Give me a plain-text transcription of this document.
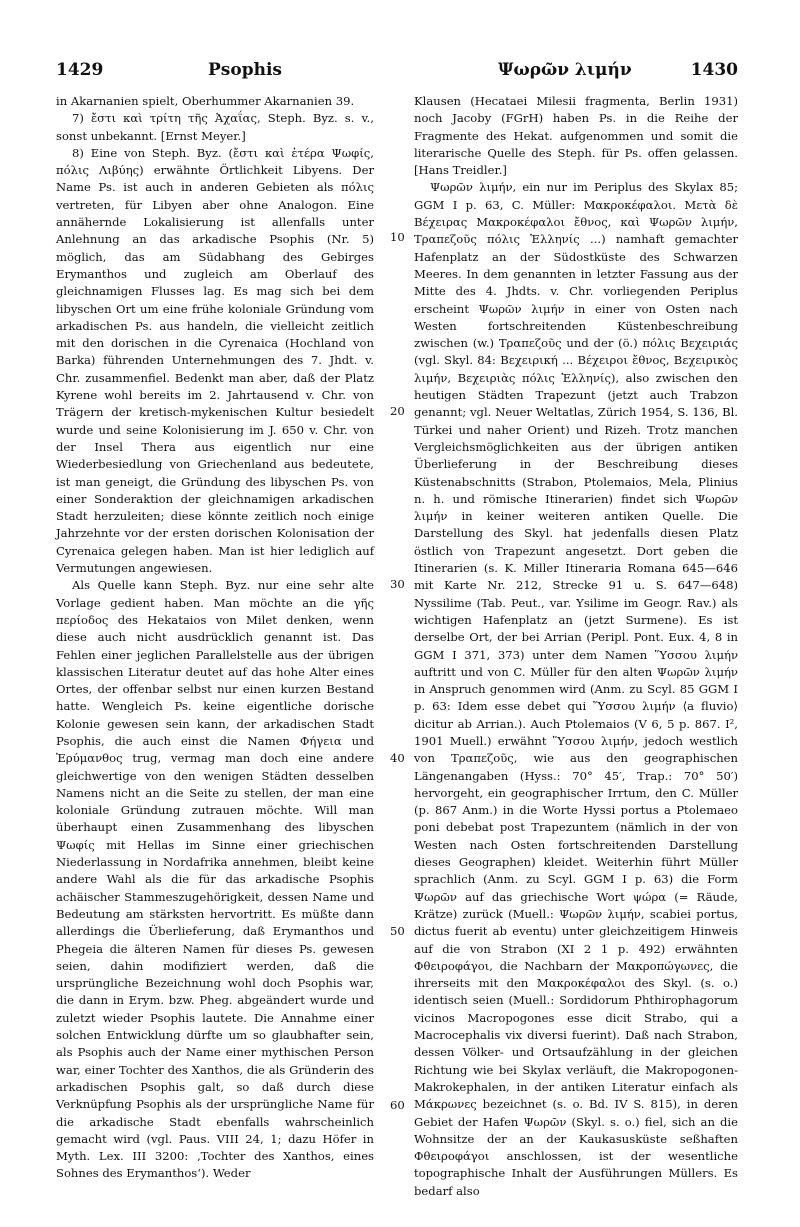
1429	Psophis	Ψωρῶν λιμήν	1430

in Akarnanien spielt, Oberhummer Akarnanien 39.

7) ἔστι καὶ τρίτη τῆς Ἀχαΐας, Steph. Byz. s. v., sonst unbekannt. [Ernst Meyer.]

8) Eine von Steph. Byz. (ἔστι καὶ ἑτέρα Ψωφίς, πόλις Λιβύης) erwähnte Örtlichkeit Libyens. Der Name Ps. ist auch in anderen Gebieten als πόλις vertreten, für Libyen aber ohne Analogon. Eine annähernde Lokalisierung ist allenfalls unter Anlehnung an das arkadische Psophis (Nr. 5) möglich, das am Südabhang des Gebirges Erymanthos und zugleich am Oberlauf des gleichnamigen Flusses lag. Es mag sich bei dem libyschen Ort um eine frühe koloniale Gründung vom arkadischen Ps. aus handeln, die vielleicht zeitlich mit den dorischen in die Cyrenaica (Hochland von Barka) führenden Unternehmungen des 7. Jhdt. v. Chr. zusammenfiel. Bedenkt man aber, daß der Platz Kyrene wohl bereits im 2. Jahrtausend v. Chr. von Trägern der kretisch-mykenischen Kultur besiedelt wurde und seine Kolonisierung im J. 650 v. Chr. von der Insel Thera aus eigentlich nur eine Wiederbesiedlung von Griechenland aus bedeutete, ist man geneigt, die Gründung des libyschen Ps. von einer Sonderaktion der gleichnamigen arkadischen Stadt herzuleiten; diese könnte zeitlich noch einige Jahrzehnte vor der ersten dorischen Kolonisation der Cyrenaica gelegen haben. Man ist hier lediglich auf Vermutungen angewiesen.

Als Quelle kann Steph. Byz. nur eine sehr alte Vorlage gedient haben. Man möchte an die γῆς περίοδος des Hekataios von Milet denken, wenn diese auch nicht ausdrücklich genannt ist. Das Fehlen einer jeglichen Parallelstelle aus der übrigen klassischen Literatur deutet auf das hohe Alter eines Ortes, der offenbar selbst nur einen kurzen Bestand hatte. Wengleich Ps. keine eigentliche dorische Kolonie gewesen sein kann, der arkadischen Stadt Psophis, die auch einst die Namen Φήγεια und Ἐρύμανθος trug, vermag man doch eine andere gleichwertige von den wenigen Städten desselben Namens nicht an die Seite zu stellen, der man eine koloniale Gründung zutrauen möchte. Will man überhaupt einen Zusammenhang des libyschen Ψωφίς mit Hellas im Sinne einer griechischen Niederlassung in Nordafrika annehmen, bleibt keine andere Wahl als die für das arkadische Psophis achäischer Stammeszugehörigkeit, dessen Name und Bedeutung am stärksten hervortritt. Es müßte dann allerdings die Überlieferung, daß Erymanthos und Phegeia die älteren Namen für dieses Ps. gewesen seien, dahin modifiziert werden, daß die ursprüngliche Bezeichnung wohl doch Psophis war, die dann in Erym. bzw. Pheg. abgeändert wurde und zuletzt wieder Psophis lautete. Die Annahme einer solchen Entwicklung dürfte um so glaubhafter sein, als Psophis auch der Name einer mythischen Person war, einer Tochter des Xanthos, die als Gründerin des arkadischen Psophis galt, so daß durch diese Verknüpfung Psophis als der ursprüngliche Name für die arkadische Stadt ebenfalls wahrscheinlich gemacht wird (vgl. Paus. VIII 24, 1; dazu Höfer in Myth. Lex. III 3200: ‚Tochter des Xanthos, eines Sohnes des Erymanthos‘). Weder

10
20
30
40
50
60

Klausen (Hecataei Milesii fragmenta, Berlin 1931) noch Jacoby (FGrH) haben Ps. in die Reihe der Fragmente des Hekat. aufgenommen und somit die literarische Quelle des Steph. für Ps. offen gelassen. [Hans Treidler.]

Ψωρῶν λιμήν, ein nur im Periplus des Skylax 85; GGM I p. 63, C. Müller: Μακροκέφαλοι. Μετὰ δὲ Βέχειρας Μακροκέφαλοι ἔθνος, καὶ Ψωρῶν λιμήν, Τραπεζοῦς πόλις Ἑλληνίς ...) namhaft gemachter Hafenplatz an der Südostküste des Schwarzen Meeres. In dem genannten in letzter Fassung aus der Mitte des 4. Jhdts. v. Chr. vorliegenden Periplus erscheint Ψωρῶν λιμήν in einer von Osten nach Westen fortschreitenden Küstenbeschreibung zwischen (w.) Τραπεζοῦς und der (ö.) πόλις Βεχειριάς (vgl. Skyl. 84: Βεχειρική ... Βέχειροι ἔθνος, Βεχειρικὸς λιμήν, Βεχειριὰς πόλις Ἑλληνίς), also zwischen den heutigen Städten Trapezunt (jetzt auch Trabzon genannt; vgl. Neuer Weltatlas, Zürich 1954, S. 136, Bl. Türkei und naher Orient) und Rizeh. Trotz manchen Vergleichsmöglichkeiten aus der übrigen antiken Überlieferung in der Beschreibung dieses Küstenabschnitts (Strabon, Ptolemaios, Mela, Plinius n. h. und römische Itinerarien) findet sich Ψωρῶν λιμήν in keiner weiteren antiken Quelle. Die Darstellung des Skyl. hat jedenfalls diesen Platz östlich von Trapezunt angesetzt. Dort geben die Itinerarien (s. K. Miller Itineraria Romana 645—646 mit Karte Nr. 212, Strecke 91 u. S. 647—648) Nyssilime (Tab. Peut., var. Ysilime im Geogr. Rav.) als wichtigen Hafenplatz an (jetzt Surmene). Es ist derselbe Ort, der bei Arrian (Peripl. Pont. Eux. 4, 8 in GGM I 371, 373) unter dem Namen Ὕσσου λιμήν auftritt und von C. Müller für den alten Ψωρῶν λιμήν in Anspruch genommen wird (Anm. zu Scyl. 85 GGM I p. 63: Idem esse debet qui Ὕσσου λιμήν ⟨a fluvio⟩ dicitur ab Arrian.). Auch Ptolemaios (V 6, 5 p. 867. I², 1901 Muell.) erwähnt Ὕσσου λιμήν, jedoch westlich von Τραπεζοῦς, wie aus den geographischen Längenangaben (Hyss.: 70° 45′, Trap.: 70° 50′) hervorgeht, ein geographischer Irrtum, den C. Müller (p. 867 Anm.) in die Worte Hyssi portus a Ptolemaeo poni debebat post Trapezuntem (nämlich in der von Westen nach Osten fortschreitenden Darstellung dieses Geographen) kleidet. Weiterhin führt Müller sprachlich (Anm. zu Scyl. GGM I p. 63) die Form Ψωρῶν auf das griechische Wort ψώρα (= Räude, Krätze) zurück (Muell.: Ψωρῶν λιμήν, scabiei portus, dictus fuerit ab eventu) unter gleichzeitigem Hinweis auf die von Strabon (XI 2 1 p. 492) erwähnten Φθειροφάγοι, die Nachbarn der Μακροπώγωνες, die ihrerseits mit den Μακροκέφαλοι des Skyl. (s. o.) identisch seien (Muell.: Sordidorum Phthirophagorum vicinos Macropogones esse dicit Strabo, qui a Macrocephalis vix diversi fuerint). Daß nach Strabon, dessen Völker- und Ortsaufzählung in der gleichen Richtung wie bei Skylax verläuft, die Makropogonen-Makrokephalen, in der antiken Literatur einfach als Μάκρωνες bezeichnet (s. o. Bd. IV S. 815), in deren Gebiet der Hafen Ψωρῶν (Skyl. s. o.) fiel, sich an die Wohnsitze der an der Kaukasusküste seßhaften Φθειροφάγοι anschlossen, ist der wesentliche topographische Inhalt der Ausführungen Müllers. Es bedarf also
